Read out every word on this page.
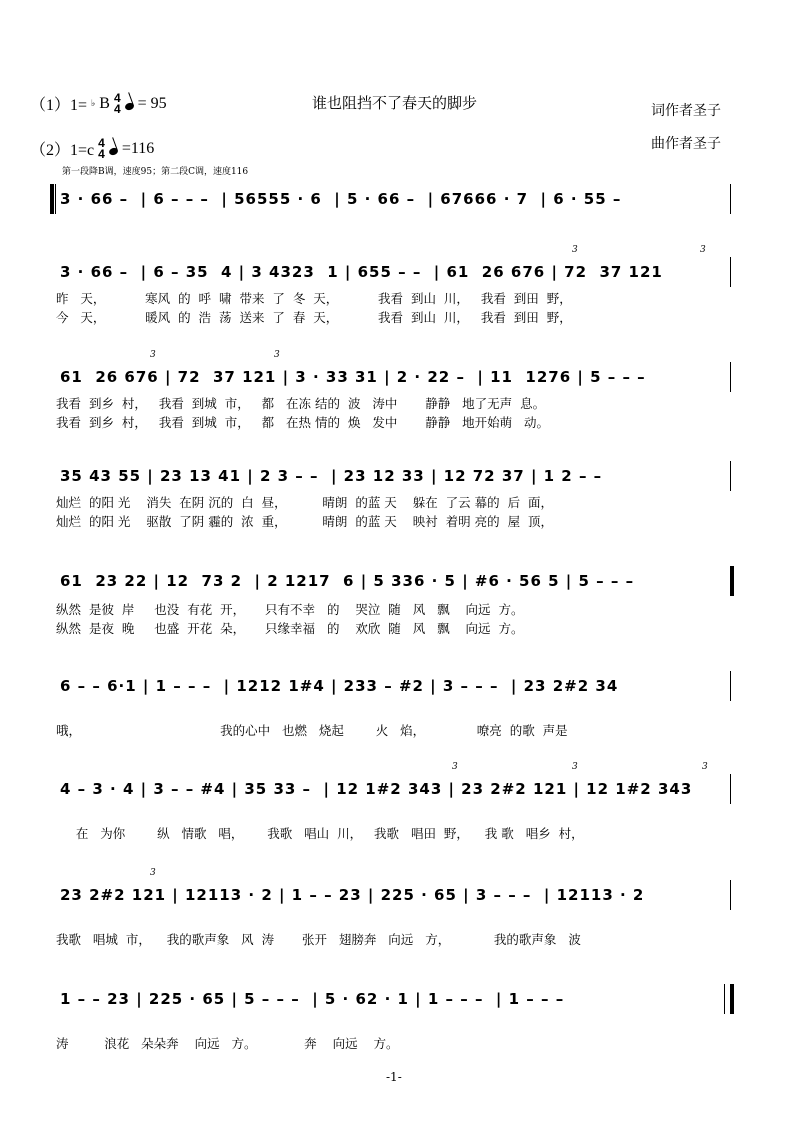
谁也阻挡不了春天的脚步	词作者圣子
曲作者圣子
（1）1= ♭ B 4
4 = 95
（2）1=c 4
4 =116
第一段降B调，速度95；第二段C调，速度116
3 · 66 –  | 6 – – –  | 56555 · 6  | 5 · 66 –  | 67666 · 7  | 6 · 55 –
3 · 66 –  | 6 – 35  4 | 3 4323  1 | 655 – –  | 61  26 676 | 72  37 121
3	3
昨   天，          寒风  的  呼  啸  带来  了  冬  天，          我看  到山  川，   我看  到田  野，
今   天，          暖风  的  浩  荡  送来  了  春  天，          我看  到山  川，   我看  到田  野，
61  26 676 | 72  37 121 | 3 · 33 31 | 2 · 22 –  | 11  1276 | 5 – – –
3	3
我看  到乡  村，   我看  到城  市，   都   在冻 结的  波   涛中       静静   地了无声  息。
我看  到乡  村，   我看  到城  市，   都   在热 情的  焕   发中       静静   地开始萌   动。
35 43 55 | 23 13 41 | 2 3 – –  | 23 12 33 | 12 72 37 | 1 2 – –
灿烂  的阳 光    消失  在阴 沉的  白  昼，         晴朗  的蓝 天    躲在  了云 幕的  后  面，
灿烂  的阳 光    驱散  了阴 霾的  浓  重，         晴朗  的蓝 天    映衬  着明 亮的  屋  顶，
61  23 22 | 12  73 2  | 2 1217  6 | 5 336 · 5 | #6 · 56 5 | 5 – – –
纵然  是彼  岸     也没  有花  开，     只有不幸   的    哭泣  随   风   飘    向远  方。
纵然  是夜  晚     也盛  开花  朵，     只缘幸福   的    欢欣  随   风   飘    向远  方。
6 – – 6·1 | 1 – – –  | 1212 1#4 | 233 – #2 | 3 – – –  | 23 2#2 34
哦，                                   我的心中   也燃   烧起        火   焰，             嘹亮  的歌  声是
4 – 3 · 4 | 3 – – #4 | 35 33 –  | 12 1#2 343 | 23 2#2 121 | 12 1#2 343
3	3	3
在   为你        纵   情歌   唱，      我歌   唱山  川，   我歌   唱田  野，    我 歌   唱乡  村，
23 2#2 121 | 12113 · 2 | 1 – – 23 | 225 · 65 | 3 – – –  | 12113 · 2
3
我歌   唱城  市，    我的歌声象   风  涛       张开   翅膀奔   向远   方，           我的歌声象   波
1 – – 23 | 225 · 65 | 5 – – –  | 5 · 62 · 1 | 1 – – –  | 1 – – –
涛         浪花   朵朵奔    向远   方。            奔    向远    方。
-1-
